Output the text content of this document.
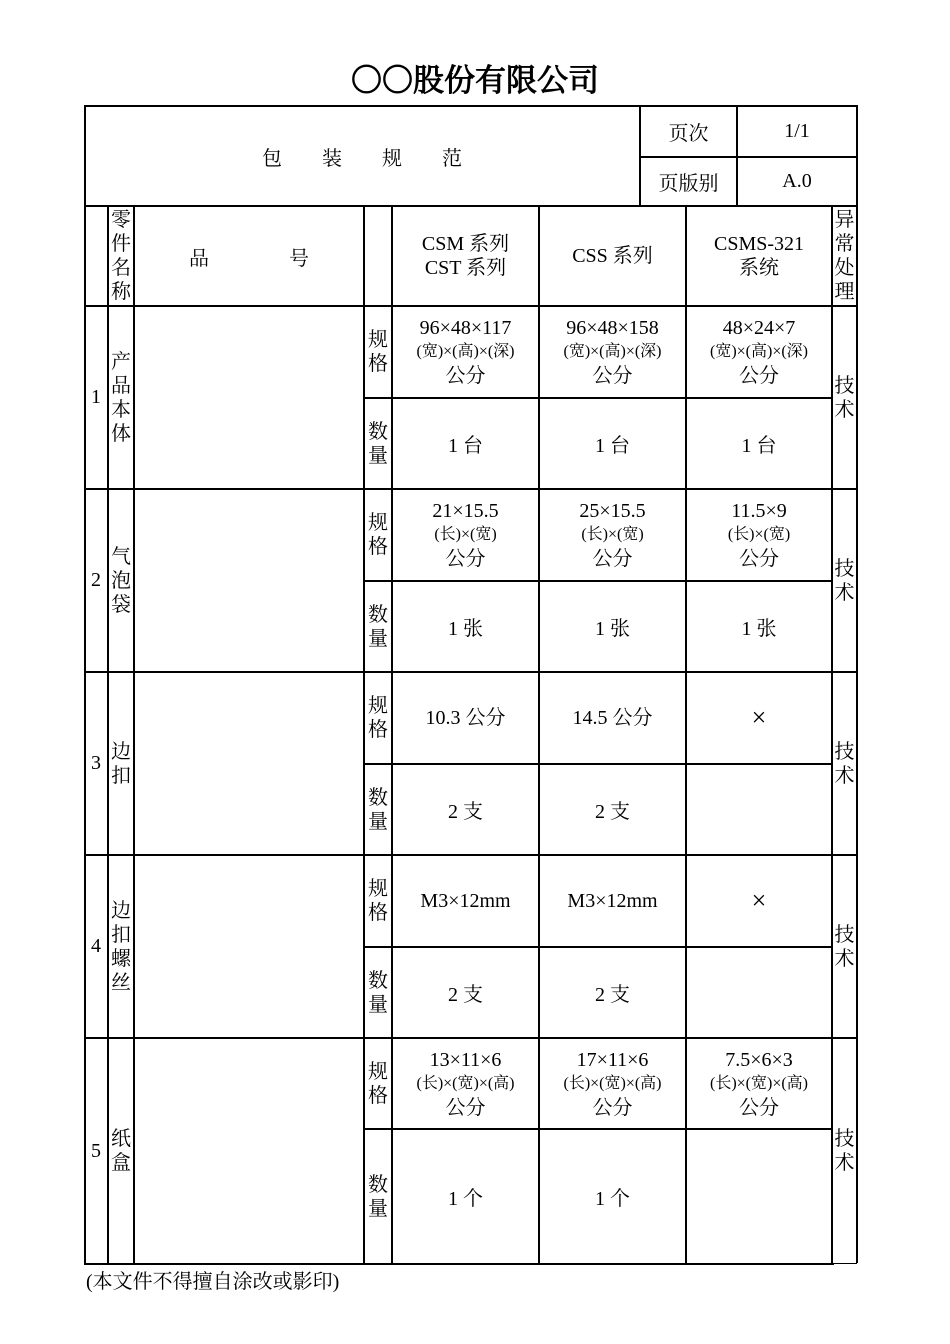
〇〇股份有限公司
包　　装　　规　　范
页次	1/1
页版别	A.0
零
件
名
称
品　　　　号
CSM 系列
CST 系列
CSS 系列
CSMS-321
系统
异
常
处
理
1
产
品
本
体
规
格
数
量
96×48×117
(宽)×(高)×(深)
公分
1 台
96×48×158
(宽)×(高)×(深)
公分
1 台
48×24×7
(宽)×(高)×(深)
公分
1 台
技
术
2
气
泡
袋
规
格
数
量
21×15.5
(长)×(宽)
公分
1 张
25×15.5
(长)×(宽)
公分
1 张
11.5×9
(长)×(宽)
公分
1 张
技
术
3
边
扣
规
格
数
量
10.3 公分
2 支
14.5 公分
2 支
×
技
术
4
边
扣
螺
丝
规
格
数
量
M3×12mm
2 支
M3×12mm
2 支
×
技
术
5
纸
盒
规
格
数
量
13×11×6
(长)×(宽)×(高)
公分
1 个
17×11×6
(长)×(宽)×(高)
公分
1 个
7.5×6×3
(长)×(宽)×(高)
公分
技
术
(本文件不得擅自涂改或影印)
